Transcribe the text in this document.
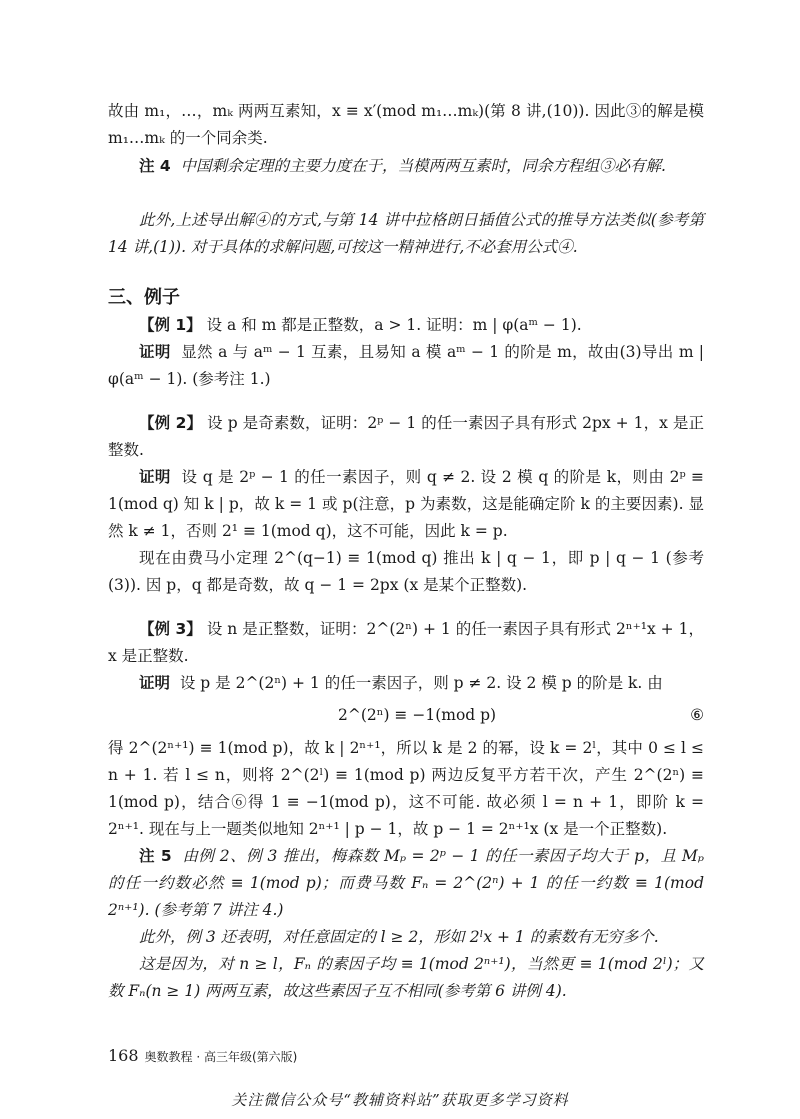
故由 m₁，…，mₖ 两两互素知，x ≡ x′(mod m₁…mₖ)(第 8 讲,(10)). 因此③的解是模 m₁…mₖ 的一个同余类.

注 4 中国剩余定理的主要力度在于，当模两两互素时，同余方程组③必有解.

此外,上述导出解④的方式,与第 14 讲中拉格朗日插值公式的推导方法类似(参考第 14 讲,(1)). 对于具体的求解问题,可按这一精神进行,不必套用公式④.

三、例子

【例 1】 设 a 和 m 都是正整数，a > 1. 证明：m | φ(aᵐ − 1).

证明 显然 a 与 aᵐ − 1 互素，且易知 a 模 aᵐ − 1 的阶是 m，故由(3)导出 m | φ(aᵐ − 1). (参考注 1.)

【例 2】 设 p 是奇素数，证明：2ᵖ − 1 的任一素因子具有形式 2px + 1，x 是正整数.

证明 设 q 是 2ᵖ − 1 的任一素因子，则 q ≠ 2. 设 2 模 q 的阶是 k，则由 2ᵖ ≡ 1(mod q) 知 k | p，故 k = 1 或 p(注意，p 为素数，这是能确定阶 k 的主要因素). 显然 k ≠ 1，否则 2¹ ≡ 1(mod q)，这不可能，因此 k = p.

现在由费马小定理 2^(q−1) ≡ 1(mod q) 推出 k | q − 1，即 p | q − 1 (参考(3)). 因 p，q 都是奇数，故 q − 1 = 2px (x 是某个正整数).

【例 3】 设 n 是正整数，证明：2^(2ⁿ) + 1 的任一素因子具有形式 2ⁿ⁺¹x + 1，x 是正整数.

证明 设 p 是 2^(2ⁿ) + 1 的任一素因子，则 p ≠ 2. 设 2 模 p 的阶是 k. 由

2^(2ⁿ) ≡ −1(mod p)	⑥

得 2^(2ⁿ⁺¹) ≡ 1(mod p)，故 k | 2ⁿ⁺¹，所以 k 是 2 的幂，设 k = 2ˡ，其中 0 ≤ l ≤ n + 1. 若 l ≤ n，则将 2^(2ˡ) ≡ 1(mod p) 两边反复平方若干次，产生 2^(2ⁿ) ≡ 1(mod p)，结合⑥得 1 ≡ −1(mod p)，这不可能. 故必须 l = n + 1，即阶 k = 2ⁿ⁺¹. 现在与上一题类似地知 2ⁿ⁺¹ | p − 1，故 p − 1 = 2ⁿ⁺¹x (x 是一个正整数).

注 5 由例 2、例 3 推出，梅森数 Mₚ = 2ᵖ − 1 的任一素因子均大于 p，且 Mₚ 的任一约数必然 ≡ 1(mod p)；而费马数 Fₙ = 2^(2ⁿ) + 1 的任一约数 ≡ 1(mod 2ⁿ⁺¹). (参考第 7 讲注 4.)

此外，例 3 还表明，对任意固定的 l ≥ 2，形如 2ˡx + 1 的素数有无穷多个.

这是因为，对 n ≥ l，Fₙ 的素因子均 ≡ 1(mod 2ⁿ⁺¹)，当然更 ≡ 1(mod 2ˡ)；又数 Fₙ(n ≥ 1) 两两互素，故这些素因子互不相同(参考第 6 讲例 4).

168 奥数教程 · 高三年级(第六版)
关注微信公众号“教辅资料站”获取更多学习资料
